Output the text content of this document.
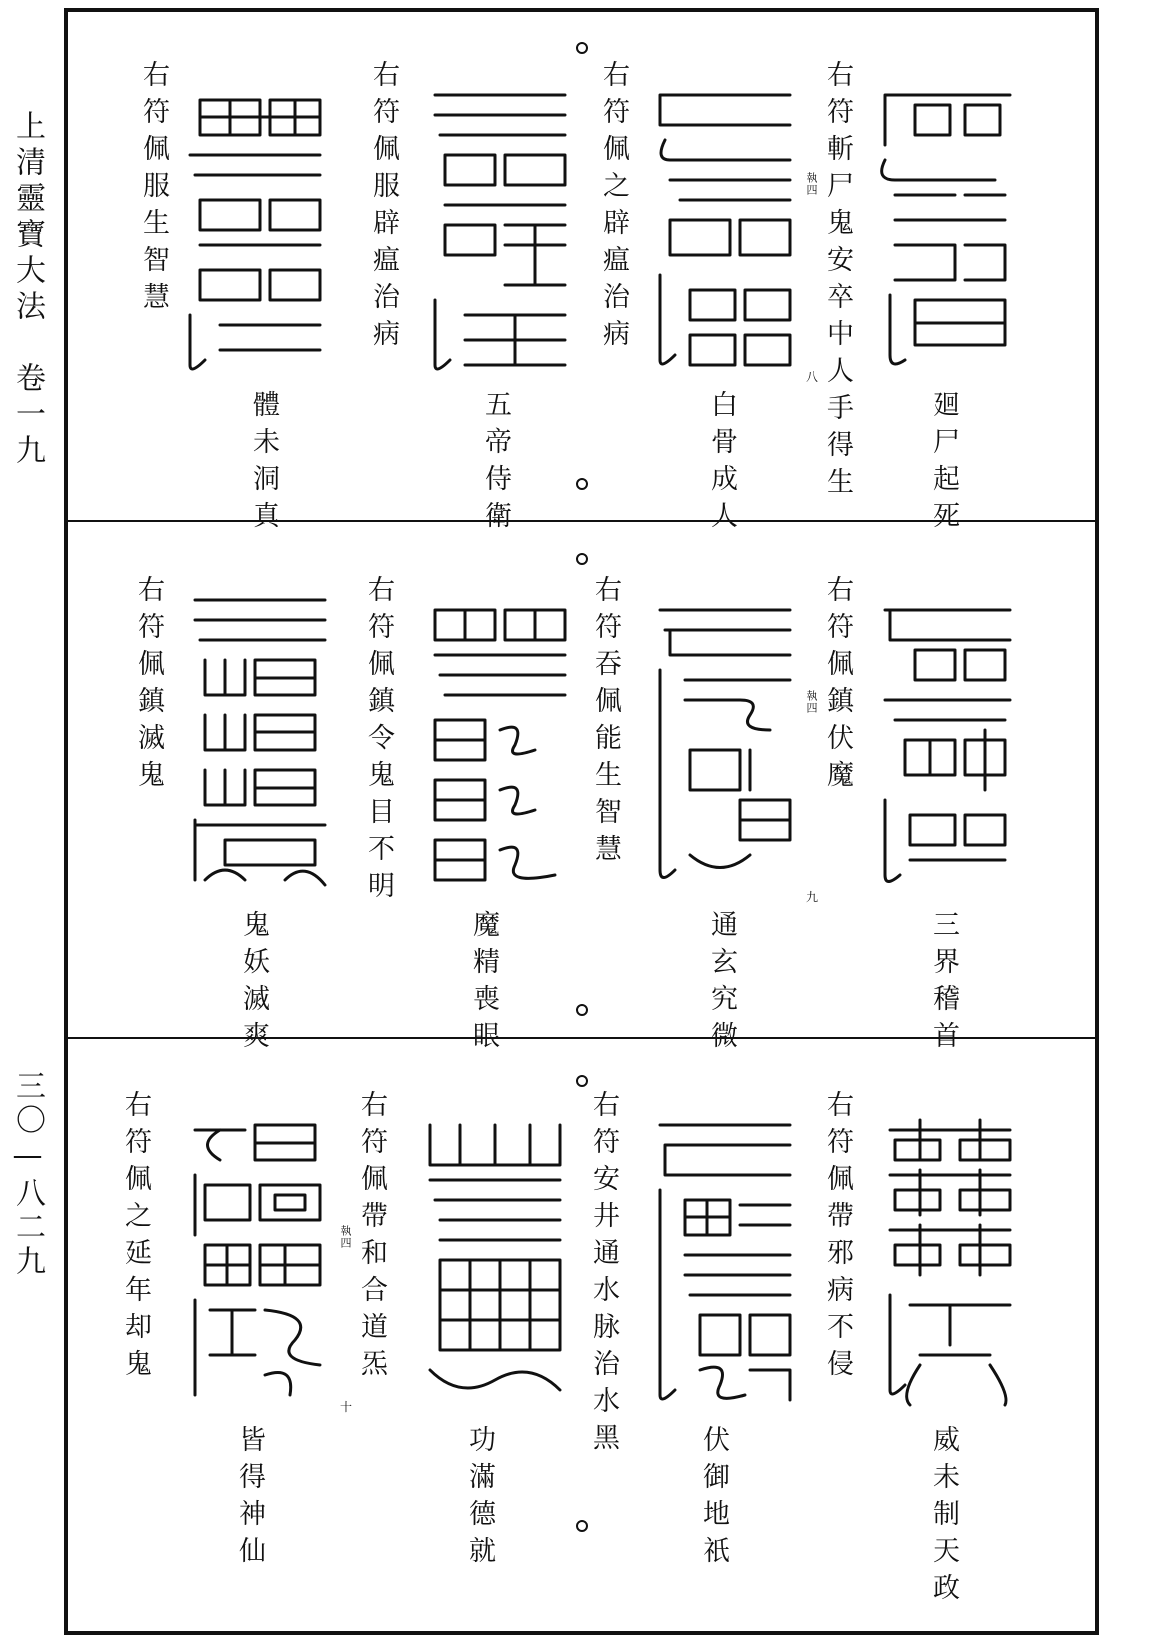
上清靈寶大法　卷一九
三〇—八二九
右符斬尸鬼安卒中人手得生
執四
八
廻尸起死
右符佩之辟瘟治病
白骨成人
右符佩服辟瘟治病
五帝侍衛
右符佩服生智慧
體未洞真
右符佩鎮伏魔
執四
九
三界稽首
右符吞佩能生智慧
通玄究微
右符佩鎮令鬼目不明
魔精喪眼
右符佩鎮滅鬼
鬼妖滅爽
右符佩帶邪病不侵
威未制天政
右符安井通水脉治水黑
伏御地祇
右符佩帶和合道炁
執四
十
功滿德就
右符佩之延年却鬼
皆得神仙
